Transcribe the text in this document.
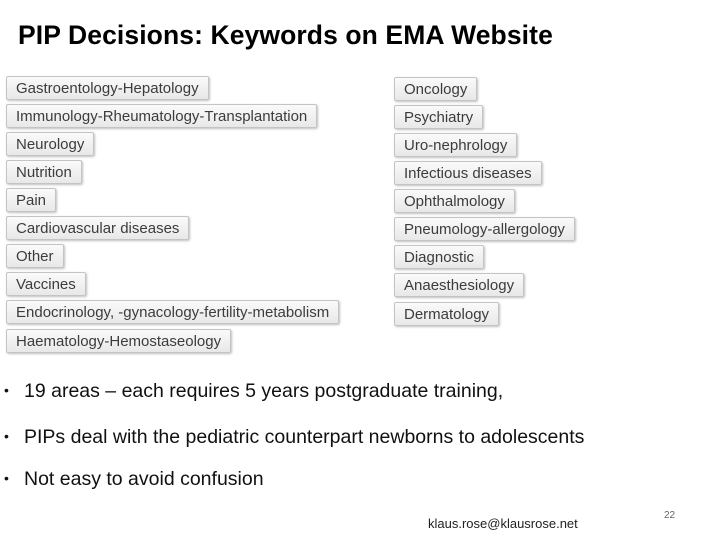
PIP Decisions: Keywords on EMA Website
Gastroentology-Hepatology
Immunology-Rheumatology-Transplantation
Neurology
Nutrition
Pain
Cardiovascular diseases
Other
Vaccines
Endocrinology, -gynacology-fertility-metabolism
Haematology-Hemostaseology
Oncology
Psychiatry
Uro-nephrology
Infectious diseases
Ophthalmology
Pneumology-allergology
Diagnostic
Anaesthesiology
Dermatology
• 19 areas – each requires 5 years postgraduate training,
• PIPs deal with the pediatric counterpart newborns to adolescents
• Not easy to avoid confusion
klaus.rose@klausrose.net
22
